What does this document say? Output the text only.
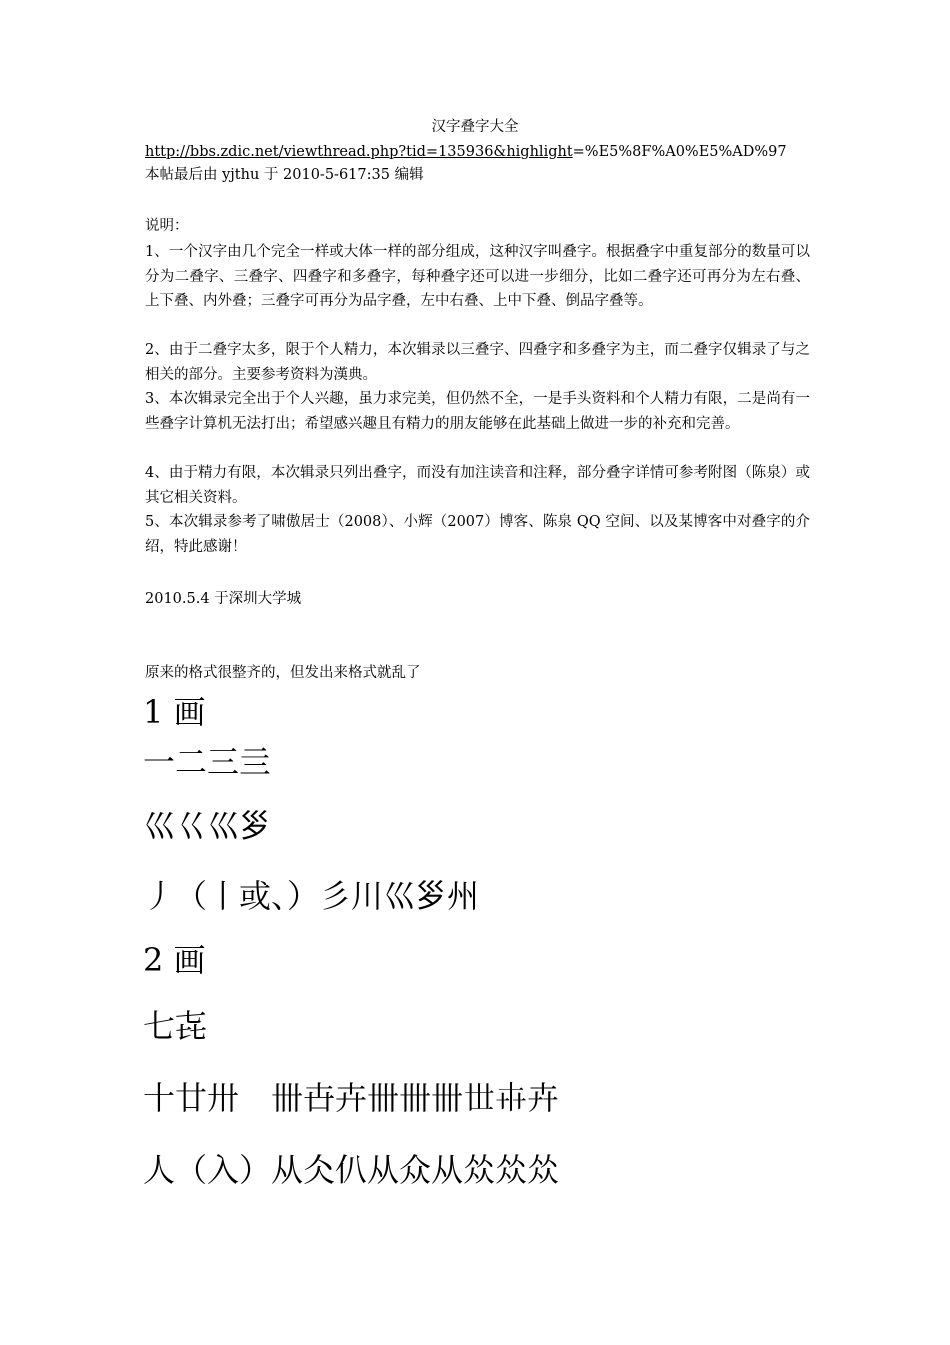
汉字叠字大全
http://bbs.zdic.net/viewthread.php?tid=135936&highlight=%E5%8F%A0%E5%AD%97
本帖最后由 yjthu 于 2010-5-617:35 编辑
说明：
1、一个汉字由几个完全一样或大体一样的部分组成，这种汉字叫叠字。根据叠字中重复部分的数量可以分为二叠字、三叠字、四叠字和多叠字，每种叠字还可以进一步细分，比如二叠字还可再分为左右叠、上下叠、内外叠；三叠字可再分为品字叠，左中右叠、上中下叠、倒品字叠等。
2、由于二叠字太多，限于个人精力，本次辑录以三叠字、四叠字和多叠字为主，而二叠字仅辑录了与之相关的部分。主要参考资料为漢典。
3、本次辑录完全出于个人兴趣，虽力求完美，但仍然不全，一是手头资料和个人精力有限，二是尚有一些叠字计算机无法打出；希望感兴趣且有精力的朋友能够在此基础上做进一步的补充和完善。
4、由于精力有限，本次辑录只列出叠字，而没有加注读音和注释，部分叠字详情可参考附图（陈泉）或其它相关资料。
5、本次辑录参考了啸傲居士（2008）、小辉（2007）博客、陈泉 QQ 空间、以及某博客中对叠字的介绍，特此感谢！
2010.5.4 于深圳大学城
原来的格式很整齐的，但发出来格式就乱了
1 画
一二三亖
巛巜巛𡿪
丿（丨或、）彡川巛𡿪州
2 画
七㐂
十廿卅　卌卋卉卌卌卌𠀍𠦃𠦄
人（入）从仌仈从众从𠈌𠈌𠈌
